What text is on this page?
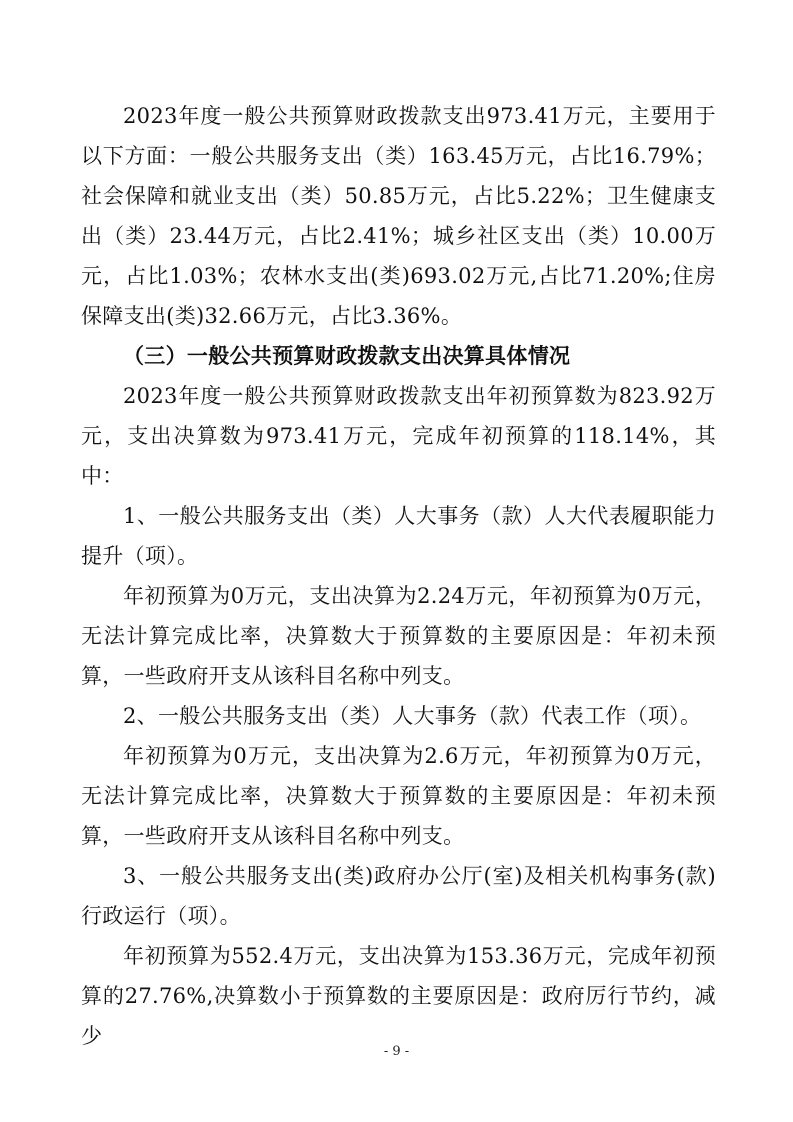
2023年度一般公共预算财政拨款支出973.41万元，主要用于以下方面：一般公共服务支出（类）163.45万元，占比16.79%；社会保障和就业支出（类）50.85万元，占比5.22%；卫生健康支出（类）23.44万元，占比2.41%；城乡社区支出（类）10.00万元，占比1.03%；农林水支出(类)693.02万元,占比71.20%;住房保障支出(类)32.66万元，占比3.36%。

（三）一般公共预算财政拨款支出决算具体情况

2023年度一般公共预算财政拨款支出年初预算数为823.92万元，支出决算数为973.41万元，完成年初预算的118.14%，其中：

1、一般公共服务支出（类）人大事务（款）人大代表履职能力提升（项）。

年初预算为0万元，支出决算为2.24万元，年初预算为0万元，无法计算完成比率，决算数大于预算数的主要原因是：年初未预算，一些政府开支从该科目名称中列支。

2、一般公共服务支出（类）人大事务（款）代表工作（项）。

年初预算为0万元，支出决算为2.6万元，年初预算为0万元，无法计算完成比率，决算数大于预算数的主要原因是：年初未预算，一些政府开支从该科目名称中列支。

3、一般公共服务支出(类)政府办公厅(室)及相关机构事务(款)行政运行（项）。

年初预算为552.4万元，支出决算为153.36万元，完成年初预算的27.76%,决算数小于预算数的主要原因是：政府厉行节约，减少

- 9 -
